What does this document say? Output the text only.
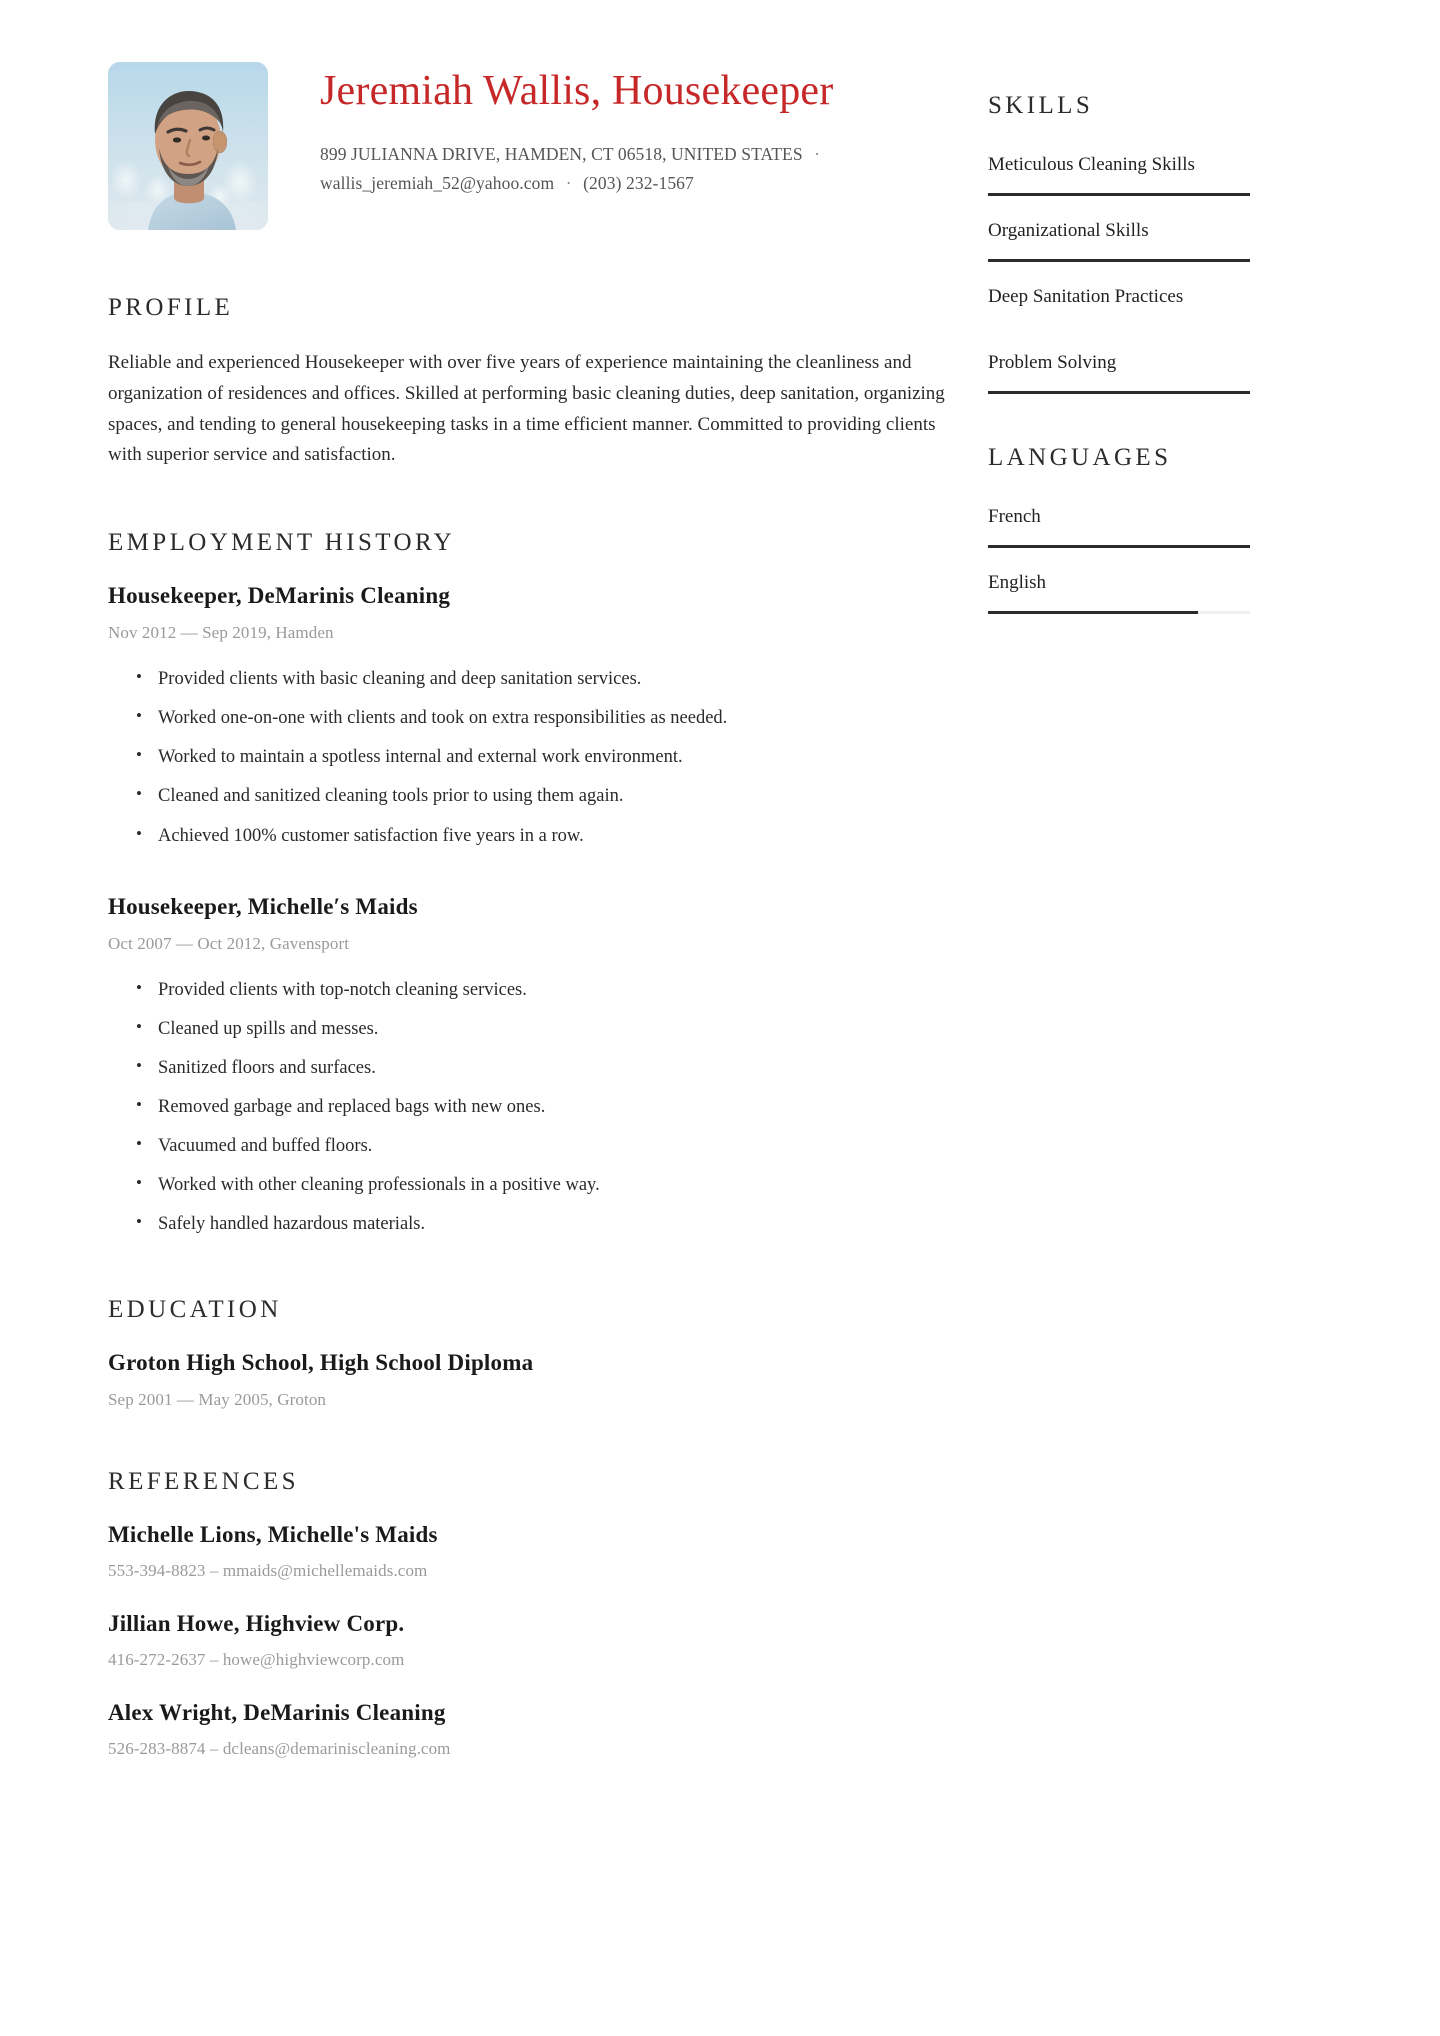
Jeremiah Wallis, Housekeeper
899 JULIANNA DRIVE, HAMDEN, CT 06518, UNITED STATES ·
wallis_jeremiah_52@yahoo.com · (203) 232-1567
PROFILE

Reliable and experienced Housekeeper with over five years of experience maintaining the cleanliness and organization of residences and offices. Skilled at performing basic cleaning duties, deep sanitation, organizing spaces, and tending to general housekeeping tasks in a time efficient manner. Committed to providing clients with superior service and satisfaction.

EMPLOYMENT HISTORY
Housekeeper, DeMarinis Cleaning
Nov 2012 — Sep 2019, Hamden
• Provided clients with basic cleaning and deep sanitation services.
• Worked one-on-one with clients and took on extra responsibilities as needed.
• Worked to maintain a spotless internal and external work environment.
• Cleaned and sanitized cleaning tools prior to using them again.
• Achieved 100% customer satisfaction five years in a row.
Housekeeper, Michelleʹs Maids
Oct 2007 — Oct 2012, Gavensport
• Provided clients with top-notch cleaning services.
• Cleaned up spills and messes.
• Sanitized floors and surfaces.
• Removed garbage and replaced bags with new ones.
• Vacuumed and buffed floors.
• Worked with other cleaning professionals in a positive way.
• Safely handled hazardous materials.
EDUCATION
Groton High School, High School Diploma
Sep 2001 — May 2005, Groton
REFERENCES
Michelle Lions, Michelle's Maids
553-394-8823 – mmaids@michellemaids.com
Jillian Howe, Highview Corp.
416-272-2637 – howe@highviewcorp.com
Alex Wright, DeMarinis Cleaning
526-283-8874 – dcleans@demariniscleaning.com
SKILLS
Meticulous Cleaning Skills
Organizational Skills
Deep Sanitation Practices
Problem Solving
LANGUAGES
French
English
